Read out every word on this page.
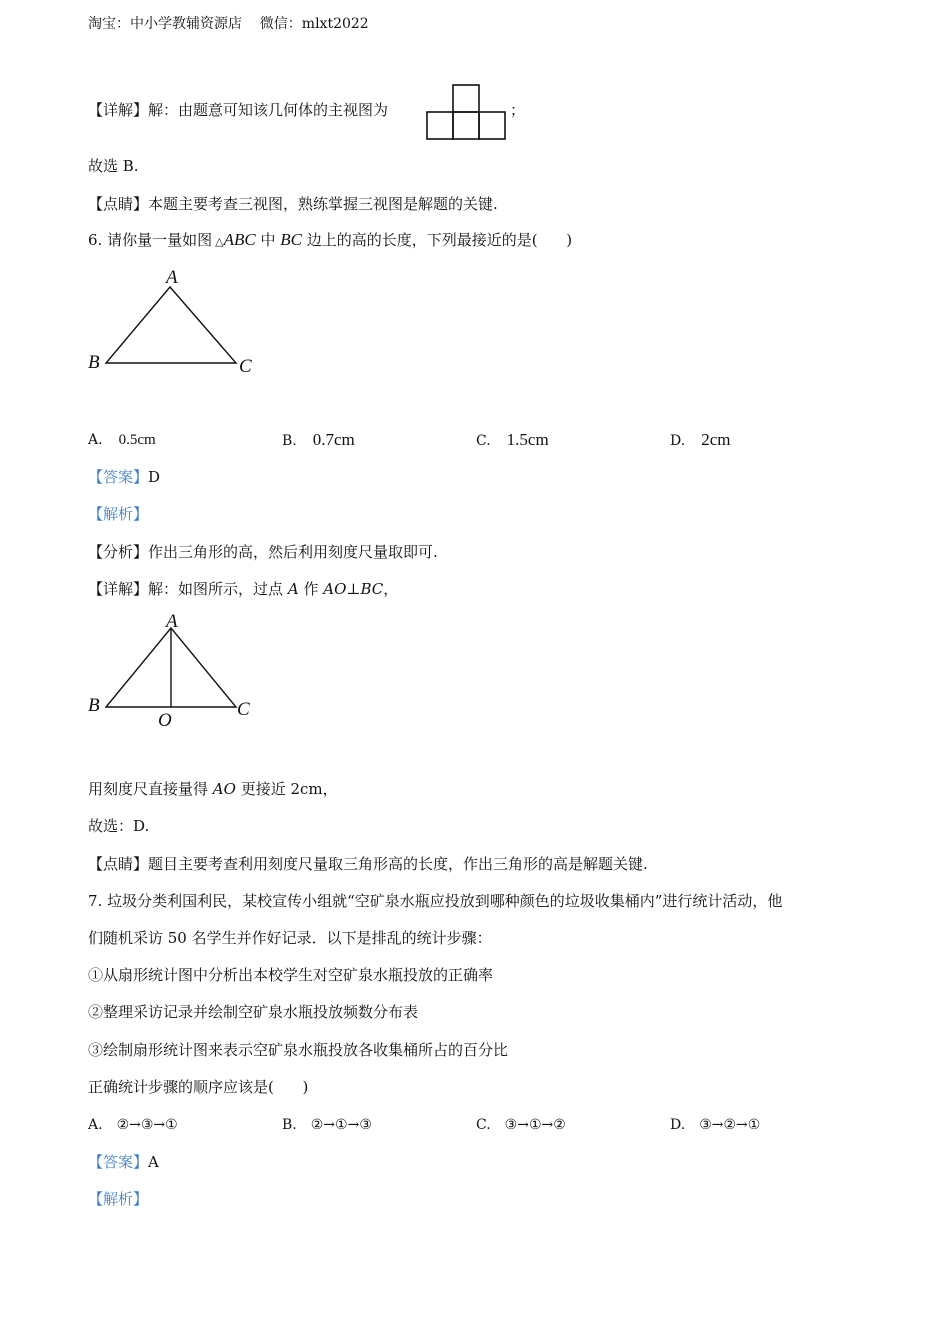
淘宝：中小学教辅资源店    微信：mlxt2022
【详解】解：由题意可知该几何体的主视图为	；
故选 B.
【点睛】本题主要考查三视图，熟练掌握三视图是解题的关键.
6. 请你量一量如图 △ABC 中 BC 边上的高的长度，下列最接近的是(      )
A
B	C
A. 0.5cm	B. 0.7cm	C. 1.5cm	D. 2cm
【答案】D
【解析】
【分析】作出三角形的高，然后利用刻度尺量取即可.
【详解】解：如图所示，过点 A 作 AO⊥BC，
A
B	C
O
用刻度尺直接量得 AO 更接近 2cm，
故选：D.
【点睛】题目主要考查利用刻度尺量取三角形高的长度，作出三角形的高是解题关键.
7. 垃圾分类利国利民，某校宣传小组就“空矿泉水瓶应投放到哪种颜色的垃圾收集桶内”进行统计活动，他
们随机采访 50 名学生并作好记录．以下是排乱的统计步骤：
①从扇形统计图中分析出本校学生对空矿泉水瓶投放的正确率
②整理采访记录并绘制空矿泉水瓶投放频数分布表
③绘制扇形统计图来表示空矿泉水瓶投放各收集桶所占的百分比
正确统计步骤的顺序应该是(      )
A. ②→③→①	B. ②→①→③	C. ③→①→②	D. ③→②→①
【答案】A
【解析】
